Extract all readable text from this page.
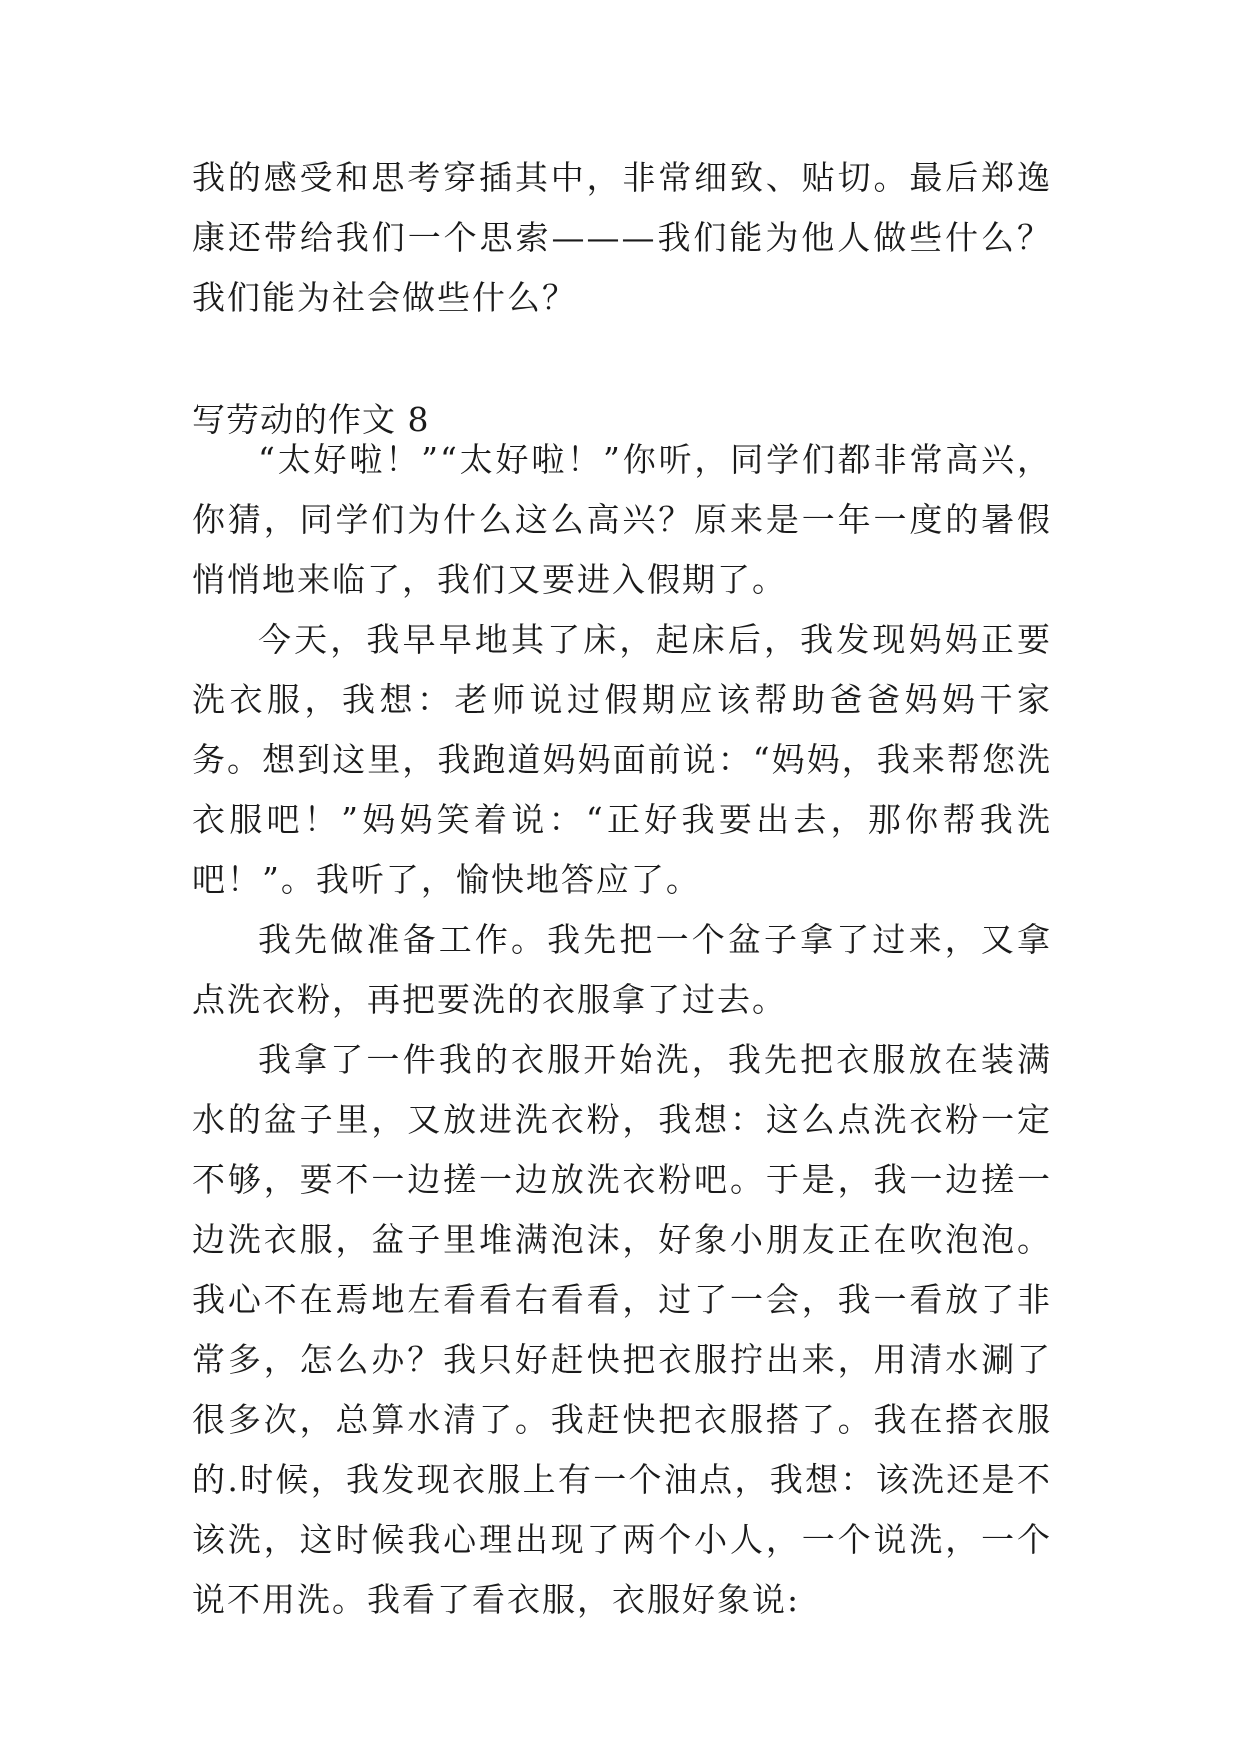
我的感受和思考穿插其中，非常细致、贴切。最后郑逸康还带给我们一个思索———我们能为他人做些什么？我们能为社会做些什么？

写劳动的作文 8

“太好啦！”“太好啦！”你听，同学们都非常高兴，你猜，同学们为什么这么高兴？原来是一年一度的暑假悄悄地来临了，我们又要进入假期了。

今天，我早早地其了床，起床后，我发现妈妈正要洗衣服，我想：老师说过假期应该帮助爸爸妈妈干家务。想到这里，我跑道妈妈面前说：“妈妈，我来帮您洗衣服吧！”妈妈笑着说：“正好我要出去，那你帮我洗吧！”。我听了，愉快地答应了。

我先做准备工作。我先把一个盆子拿了过来，又拿点洗衣粉，再把要洗的衣服拿了过去。

我拿了一件我的衣服开始洗，我先把衣服放在装满水的盆子里，又放进洗衣粉，我想：这么点洗衣粉一定不够，要不一边搓一边放洗衣粉吧。于是，我一边搓一边洗衣服，盆子里堆满泡沫，好象小朋友正在吹泡泡。我心不在焉地左看看右看看，过了一会，我一看放了非常多，怎么办？我只好赶快把衣服拧出来，用清水涮了很多次，总算水清了。我赶快把衣服搭了。我在搭衣服的.时候，我发现衣服上有一个油点，我想：该洗还是不该洗，这时候我心理出现了两个小人，一个说洗，一个说不用洗。我看了看衣服，衣服好象说:
